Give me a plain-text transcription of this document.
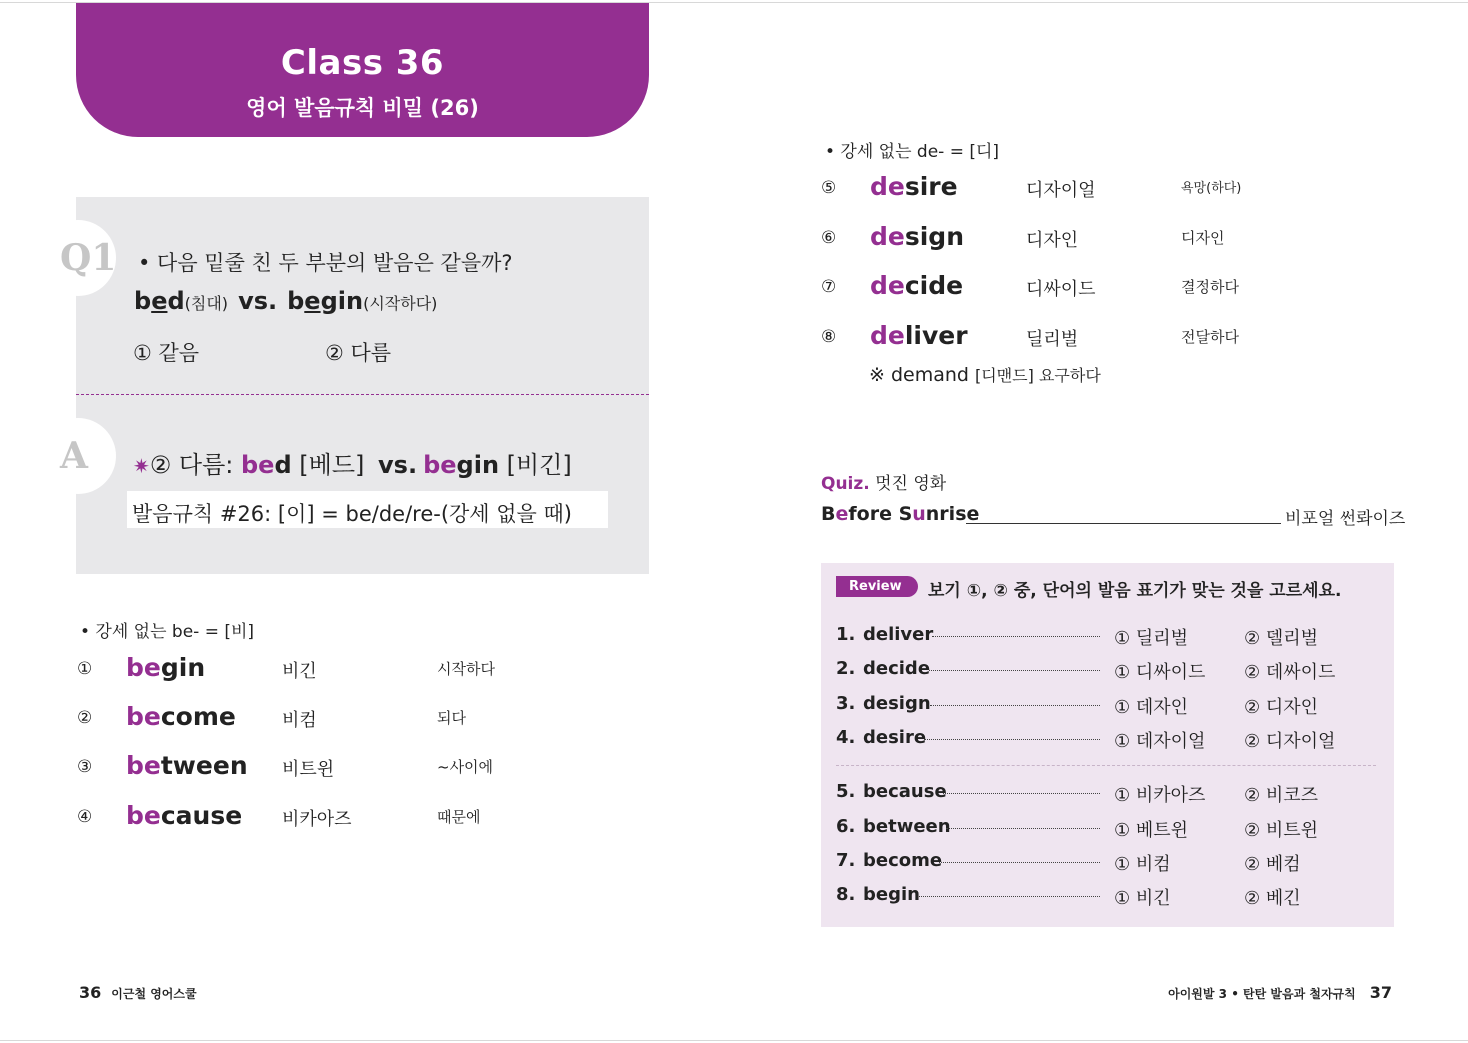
Class 36
영어 발음규칙 비밀 (26)
Q1 • 다음 밑줄 친 두 부분의 발음은 같을까?
bed(침대) vs. begin(시작하다)
① 같음	② 다름
A ✷② 다름: bed [베드] vs. begin [비긴]
발음규칙 #26: [이] = be/de/re-(강세 없을 때)
• 강세 없는 be- = [비]
① begin	비긴	시작하다
② become	비컴	되다
③ between 비트윈	~사이에
④ because 비카아즈	때문에
• 강세 없는 de- = [디]
⑤ desire	디자이얼	욕망(하다)
⑥ design	디자인	디자인
⑦ decide	디싸이드	결정하다
⑧ deliver	딜리벌	전달하다
※ demand [디맨드] 요구하다
Quiz. 멋진 영화
Before Sunrise	비포얼 썬롸이즈
Review	보기 ①, ② 중, 단어의 발음 표기가 맞는 것을 고르세요.
1. deliver	① 딜리벌	② 델리벌
2. decide	① 디싸이드 ② 데싸이드
3. design	① 데자인	② 디자인
4. desire	① 데자이얼 ② 디자이얼
5. because	① 비카아즈 ② 비코즈
6. between	① 베트윈	② 비트윈
7. become	① 비컴	② 베컴
8. begin	① 비긴	② 베긴
36 이근철 영어스쿨	아이원발 3 • 탄탄 발음과 철자규칙 37
